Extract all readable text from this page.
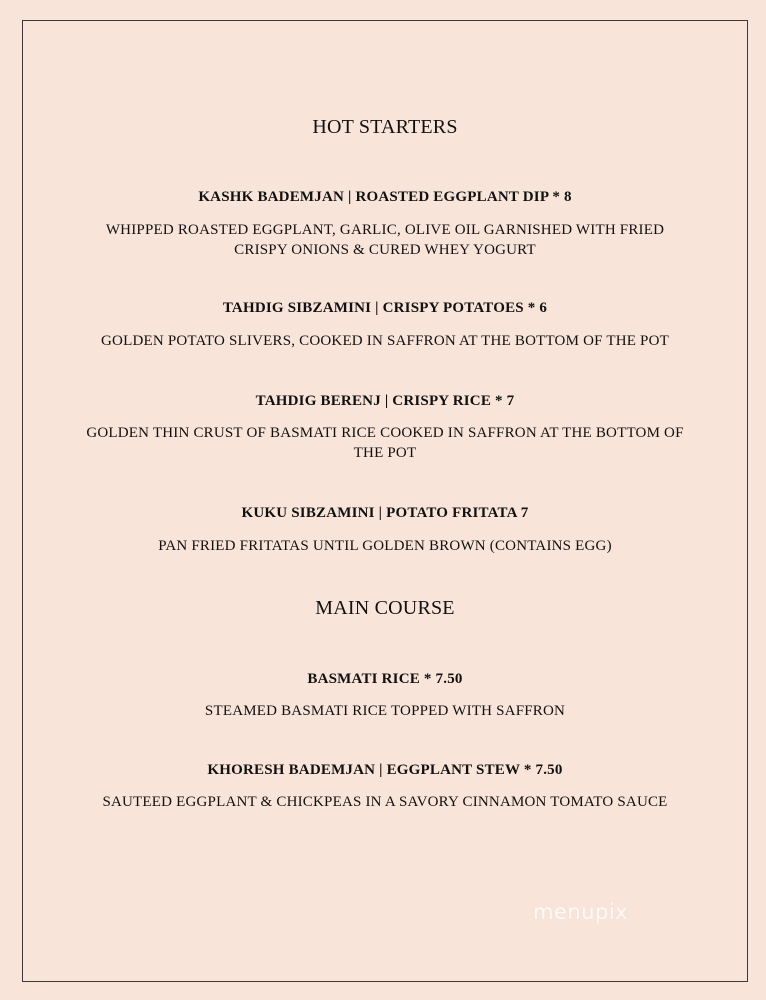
HOT STARTERS
KASHK BADEMJAN | ROASTED EGGPLANT DIP * 8
WHIPPED ROASTED EGGPLANT, GARLIC, OLIVE OIL GARNISHED WITH FRIED CRISPY ONIONS & CURED WHEY YOGURT
TAHDIG SIBZAMINI | CRISPY POTATOES * 6
GOLDEN POTATO SLIVERS, COOKED IN SAFFRON AT THE BOTTOM OF THE POT
TAHDIG BERENJ | CRISPY RICE * 7
GOLDEN THIN CRUST OF BASMATI RICE COOKED IN SAFFRON AT THE BOTTOM OF THE POT
KUKU SIBZAMINI | POTATO FRITATA 7
PAN FRIED FRITATAS UNTIL GOLDEN BROWN (CONTAINS EGG)
MAIN COURSE
BASMATI RICE * 7.50
STEAMED BASMATI RICE TOPPED WITH SAFFRON
KHORESH BADEMJAN | EGGPLANT STEW * 7.50
SAUTEED EGGPLANT & CHICKPEAS IN A SAVORY CINNAMON TOMATO SAUCE
menupix
